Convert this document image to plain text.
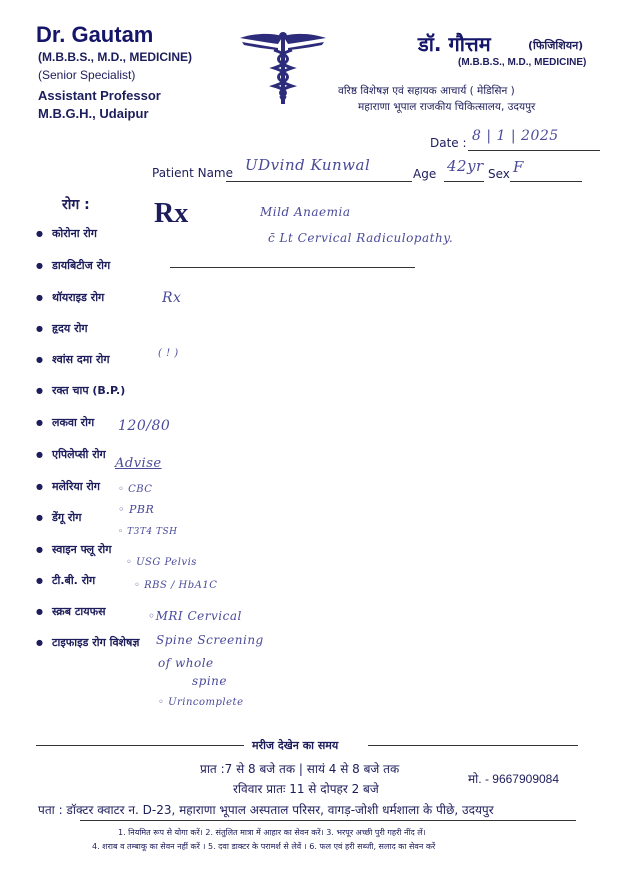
Dr. Gautam
(M.B.B.S., M.D., MEDICINE)
(Senior Specialist)
Assistant Professor
M.B.G.H., Udaipur
डॉ. गौत्तम	(फिजिशियन)
(M.B.B.S., M.D., MEDICINE)
वरिष्ठ विशेषज्ञ एवं सहायक आचार्य ( मेडिसिन )
महाराणा भूपाल राजकीय चिकित्सालय, उदयपुर
Date : 8 | 1 | 2025
Patient Name UDvind Kunwal	Age 42yr Sex F
रोग :
● कोरोना रोग
● डायबिटीज रोग
● थॉयराइड रोग
● हृदय रोग
● श्वांस दमा रोग
● रक्त चाप (B.P.)
● लकवा रोग
● एपिलेप्सी रोग
● मलेरिया रोग
● डेंगू रोग
● स्वाइन फ्लू रोग
● टी.बी. रोग
● स्क्रब टायफस
● टाइफाइड रोग विशेषज्ञ
Rx	Mild Anaemia
c̄ Lt Cervical Radiculopathy.
Rx
( ! )
120/80
Advise
◦ CBC
◦ PBR
◦ T3T4 TSH
◦ USG Pelvis
◦ RBS / HbA1C
◦MRI Cervical
Spine Screening
of whole
spine
◦ Urincomplete
मरीज देखेन का समय
प्रात :7 से 8 बजे तक | सायं 4 से 8 बजे तक
रविवार प्रातः 11 से दोपहर 2 बजे
मो. - 9667909084
पता : डॉक्टर क्वाटर न. D-23, महाराणा भूपाल अस्पताल परिसर, वागड़-जोशी धर्मशाला के पीछे, उदयपुर
1. नियमित रूप से योगा करें। 2. संतुलित मात्रा में आहार का सेवन करें। 3. भरपूर अच्छी पुरी गहरी नींद लें।
4. शराब व तम्बाकू का सेवन नहीं करें । 5. दवा डाक्टर के परामर्श से लेवें । 6. फल एवं हरी सब्जी, सलाद का सेवन करें
